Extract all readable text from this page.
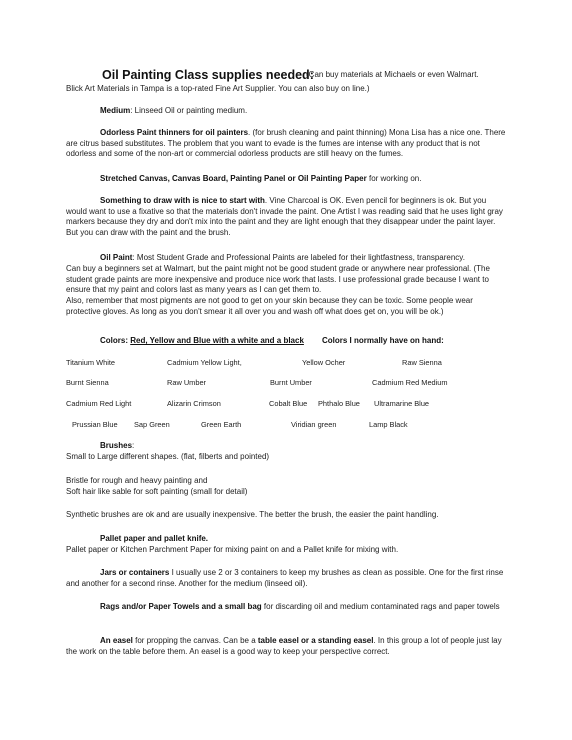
Oil Painting Class supplies needed:
(Can buy materials at Michaels or even Walmart.

Blick Art Materials in Tampa is a top-rated Fine Art Supplier. You can also buy on line.)

Medium: Linseed Oil or painting medium.

Odorless Paint thinners for oil painters. (for brush cleaning and paint thinning) Mona Lisa has a nice one. There are citrus based substitutes. The problem that you want to evade is the fumes are intense with any product that is not odorless and some of the non-art or commercial odorless products are still heavy on the fumes.

Stretched Canvas, Canvas Board, Painting Panel or Oil Painting Paper for working on.

Something to draw with is nice to start with. Vine Charcoal is OK. Even pencil for beginners is ok. But you would want to use a fixative so that the materials don't invade the paint. One Artist I was reading said that he uses light gray markers because they dry and don't mix into the paint and they are light enough that they disappear under the paint layer. But you can draw with the paint and the brush.

Oil Paint: Most Student Grade and Professional Paints are labeled for their lightfastness, transparency.

Can buy a beginners set at Walmart, but the paint might not be good student grade or anywhere near professional. (The student grade paints are more inexpensive and produce nice work that lasts. I use professional grade because I want to ensure that my paint and colors last as many years as I can get them to.

Also, remember that most pigments are not good to get on your skin because they can be toxic. Some people wear protective gloves. As long as you don't smear it all over you and wash off what does get on, you will be ok.)

Colors: Red, Yellow and Blue with a white and a black Colors I normally have on hand:

Titanium White	Cadmium Yellow Light,	Yellow Ocher	Raw Sienna
Burnt Sienna	Raw Umber	Burnt Umber	Cadmium Red Medium
Cadmium Red Light	Alizarin Crimson	Cobalt Blue Phthalo Blue Ultramarine Blue
Prussian Blue Sap Green	Green Earth	Viridian green	Lamp Black

Brushes:

Small to Large different shapes. (flat, filberts and pointed)

Bristle for rough and heavy painting and

Soft hair like sable for soft painting (small for detail)

Synthetic brushes are ok and are usually inexpensive. The better the brush, the easier the paint handling.

Pallet paper and pallet knife.

Pallet paper or Kitchen Parchment Paper for mixing paint on and a Pallet knife for mixing with.

Jars or containers I usually use 2 or 3 containers to keep my brushes as clean as possible. One for the first rinse and another for a second rinse. Another for the medium (linseed oil).

Rags and/or Paper Towels and a small bag for discarding oil and medium contaminated rags and paper towels

An easel for propping the canvas. Can be a table easel or a standing easel. In this group a lot of people just lay the work on the table before them. An easel is a good way to keep your perspective correct.
